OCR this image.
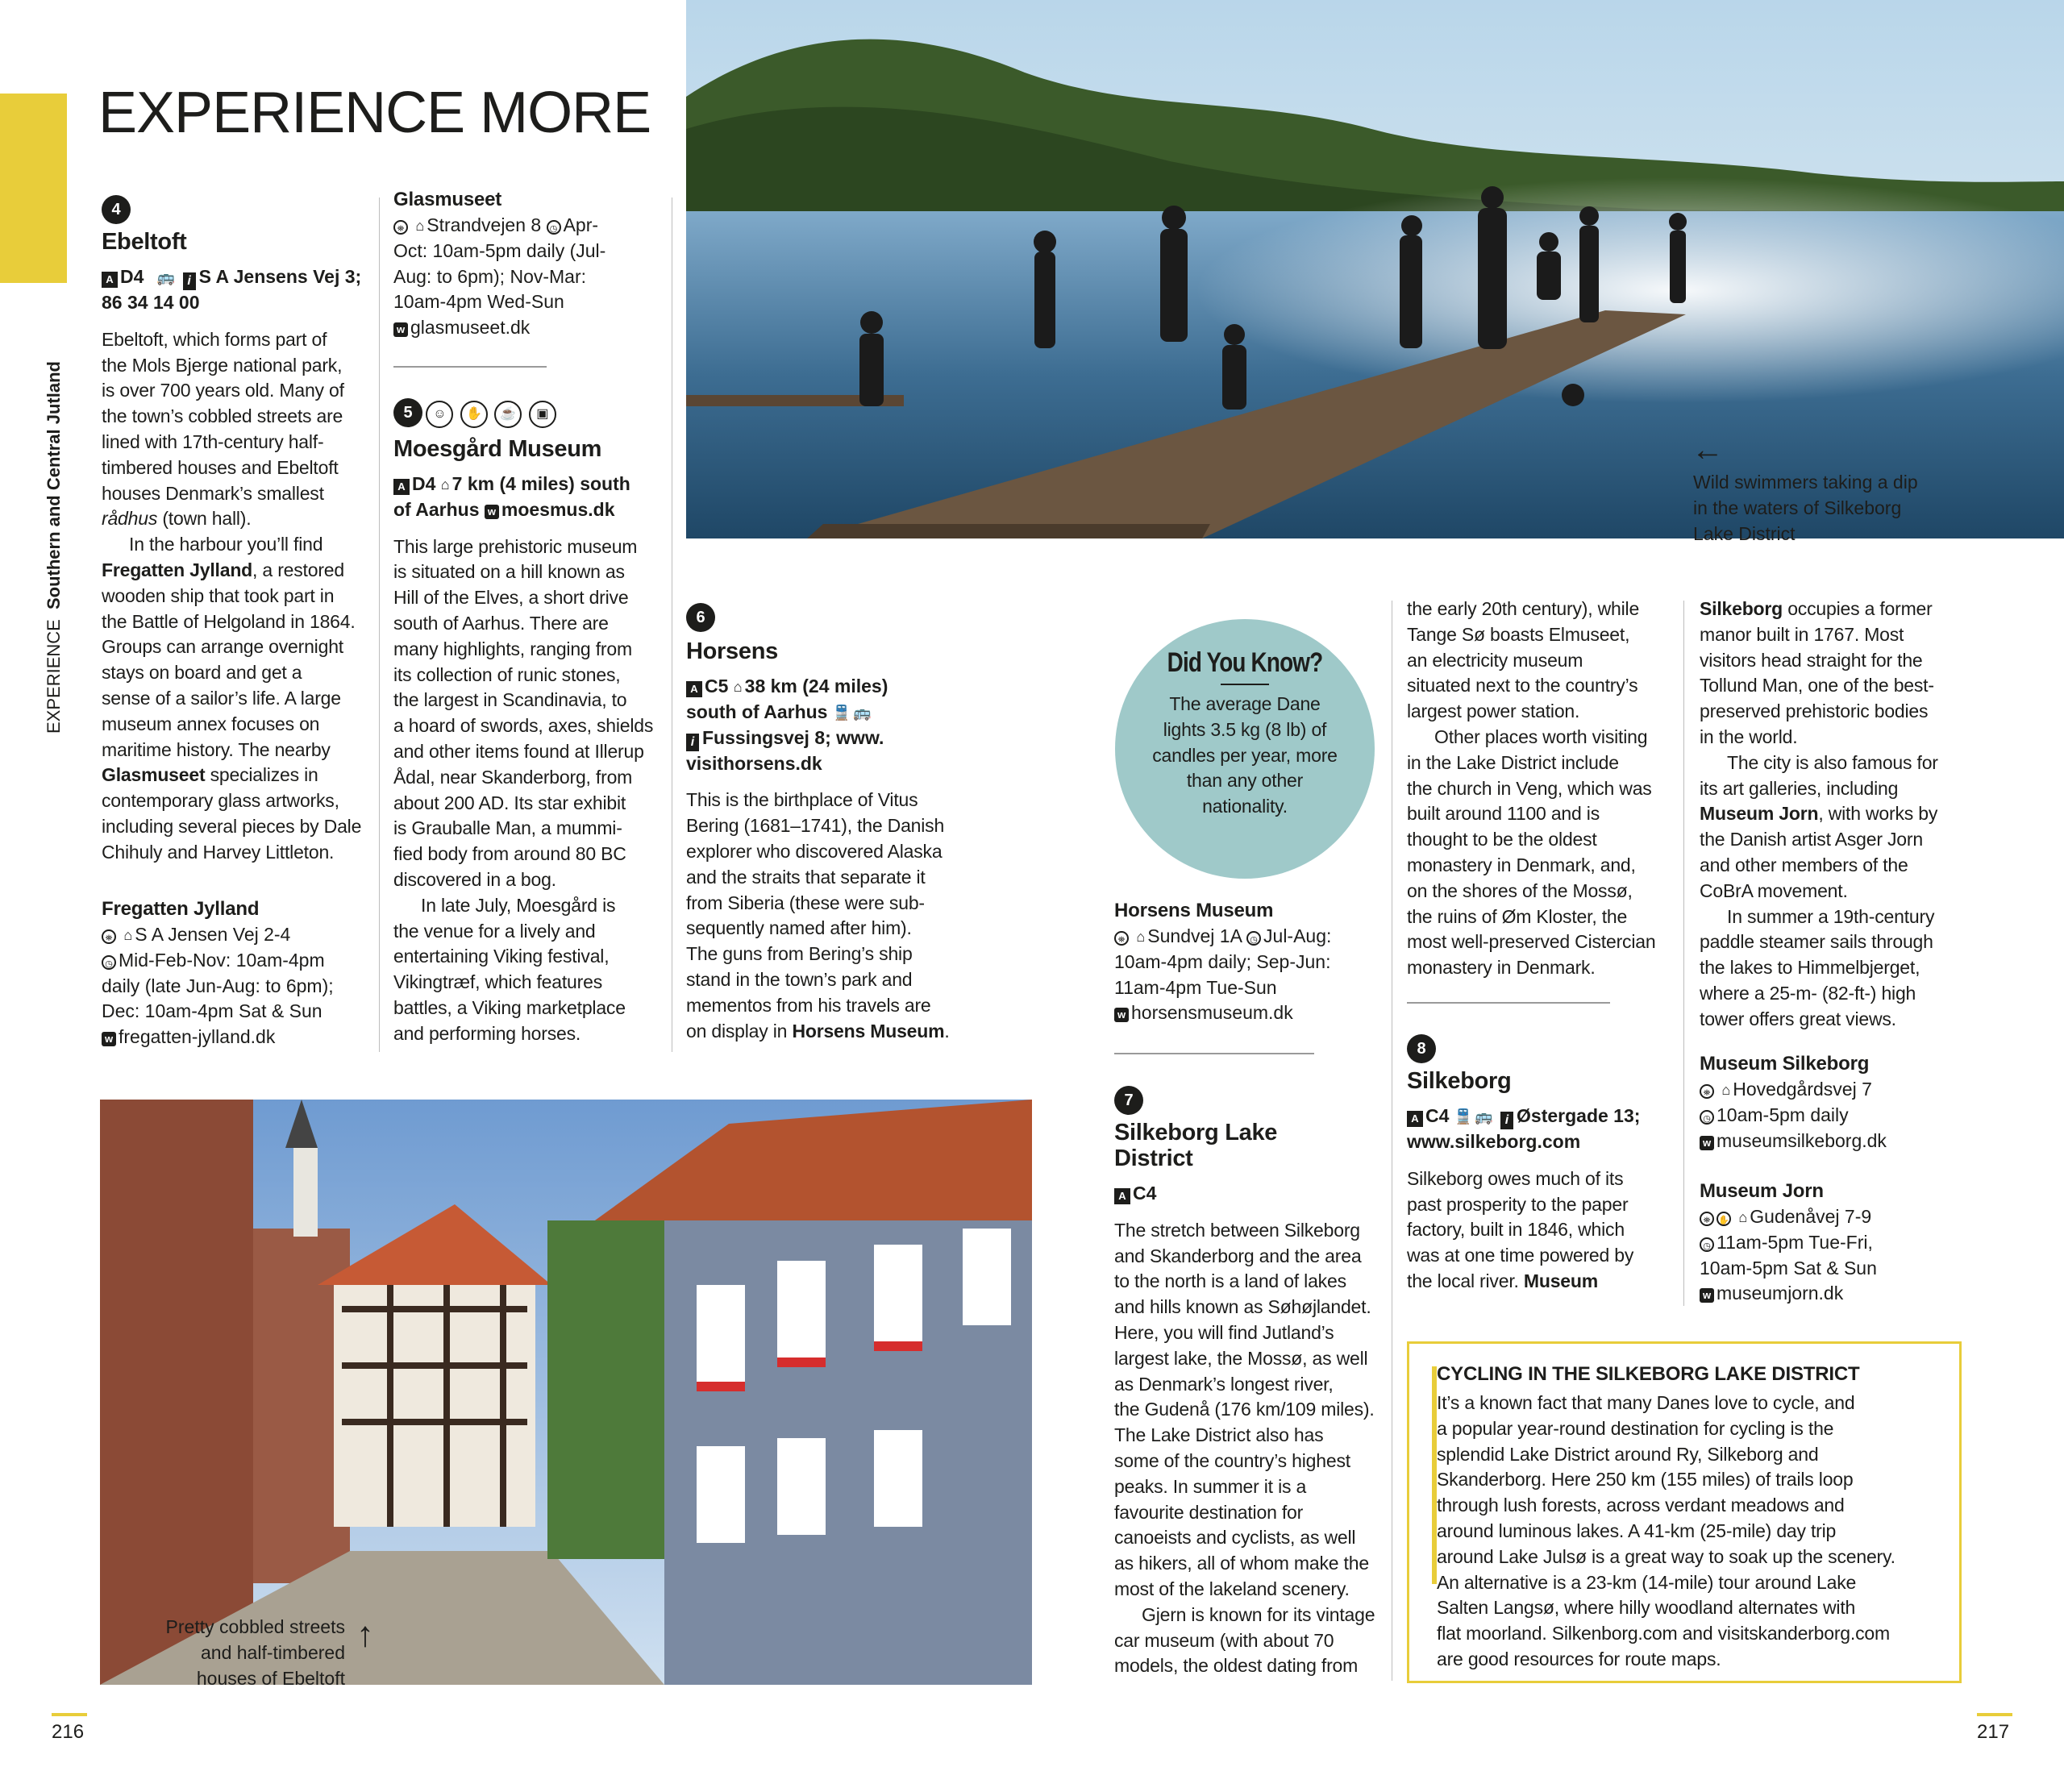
EXPERIENCE Southern and Central Jutland
EXPERIENCE MORE
4
Ebeltoft
A D4 🚌 i S A Jensens Vej 3;
86 34 14 00
Ebeltoft, which forms part of
the Mols Bjerge national park,
is over 700 years old. Many of
the town’s cobbled streets are
lined with 17th-century half-
timbered houses and Ebeltoft
houses Denmark’s smallest
rådhus (town hall).
In the harbour you’ll find
Fregatten Jylland, a restored
wooden ship that took part in
the Battle of Helgoland in 1864.
Groups can arrange overnight
stays on board and get a
sense of a sailor’s life. A large
museum annex focuses on
maritime history. The nearby
Glasmuseet specializes in
contemporary glass artworks,
including several pieces by Dale
Chihuly and Harvey Littleton.
Fregatten Jylland
⛯ ⌂ S A Jensen Vej 2-4
◷ Mid-Feb-Nov: 10am-4pm
daily (late Jun-Aug: to 6pm);
Dec: 10am-4pm Sat & Sun
w fregatten-jylland.dk
Glasmuseet
⛯ ⌂ Strandvejen 8 ◷ Apr-
Oct: 10am-5pm daily (Jul-
Aug: to 6pm); Nov-Mar:
10am-4pm Wed-Sun
w glasmuseet.dk
5 ☺ ✋ ☕ ▣
Moesgård Museum
A D4 ⌂ 7 km (4 miles) south
of Aarhus w moesmus.dk
This large prehistoric museum
is situated on a hill known as
Hill of the Elves, a short drive
south of Aarhus. There are
many highlights, ranging from
its collection of runic stones,
the largest in Scandinavia, to
a hoard of swords, axes, shields
and other items found at Illerup
Ådal, near Skanderborg, from
about 200 AD. Its star exhibit
is Grauballe Man, a mummi-
fied body from around 80 BC
discovered in a bog.
In late July, Moesgård is
the venue for a lively and
entertaining Viking festival,
Vikingtræf, which features
battles, a Viking marketplace
and performing horses.
←
Wild swimmers taking a dip
in the waters of Silkeborg
Lake District
6
Horsens
A C5 ⌂ 38 km (24 miles)
south of Aarhus 🚆 🚌
i Fussingsvej 8; www.
visithorsens.dk
This is the birthplace of Vitus
Bering (1681–1741), the Danish
explorer who discovered Alaska
and the straits that separate it
from Siberia (these were sub-
sequently named after him).
The guns from Bering’s ship
stand in the town’s park and
mementos from his travels are
on display in Horsens Museum.
Pretty cobbled streets
and half-timbered
houses of Ebeltoft
↑
Did You Know?
The average Dane
lights 3.5 kg (8 lb) of
candles per year, more
than any other
nationality.
Horsens Museum
⛯ ⌂ Sundvej 1A ◷ Jul-Aug:
10am-4pm daily; Sep-Jun:
11am-4pm Tue-Sun
w horsensmuseum.dk
7
Silkeborg Lake
District
A C4
The stretch between Silkeborg
and Skanderborg and the area
to the north is a land of lakes
and hills known as Søhøjlandet.
Here, you will find Jutland’s
largest lake, the Mossø, as well
as Denmark’s longest river,
the Gudenå (176 km/109 miles).
The Lake District also has
some of the country’s highest
peaks. In summer it is a
favourite destination for
canoeists and cyclists, as well
as hikers, all of whom make the
most of the lakeland scenery.
Gjern is known for its vintage
car museum (with about 70
models, the oldest dating from
the early 20th century), while
Tange Sø boasts Elmuseet,
an electricity museum
situated next to the country’s
largest power station.
Other places worth visiting
in the Lake District include
the church in Veng, which was
built around 1100 and is
thought to be the oldest
monastery in Denmark, and,
on the shores of the Mossø,
the ruins of Øm Kloster, the
most well-preserved Cistercian
monastery in Denmark.
8
Silkeborg
A C4 🚆 🚌 i Østergade 13;
www.silkeborg.com
Silkeborg owes much of its
past prosperity to the paper
factory, built in 1846, which
was at one time powered by
the local river. Museum
Silkeborg occupies a former
manor built in 1767. Most
visitors head straight for the
Tollund Man, one of the best-
preserved prehistoric bodies
in the world.
The city is also famous for
its art galleries, including
Museum Jorn, with works by
the Danish artist Asger Jorn
and other members of the
CoBrA movement.
In summer a 19th-century
paddle steamer sails through
the lakes to Himmelbjerget,
where a 25-m- (82-ft-) high
tower offers great views.
Museum Silkeborg
⛯ ⌂ Hovedgårdsvej 7
◷ 10am-5pm daily
w museumsilkeborg.dk
Museum Jorn
⛯ ✋ ⌂ Gudenåvej 7-9
◷ 11am-5pm Tue-Fri,
10am-5pm Sat & Sun
w museumjorn.dk
CYCLING IN THE SILKEBORG LAKE DISTRICT
It’s a known fact that many Danes love to cycle, and
a popular year-round destination for cycling is the
splendid Lake District around Ry, Silkeborg and
Skanderborg. Here 250 km (155 miles) of trails loop
through lush forests, across verdant meadows and
around luminous lakes. A 41-km (25-mile) day trip
around Lake Julsø is a great way to soak up the scenery.
An alternative is a 23-km (14-mile) tour around Lake
Salten Langsø, where hilly woodland alternates with
flat moorland. Silkenborg.com and visitskanderborg.com
are good resources for route maps.
216	217
